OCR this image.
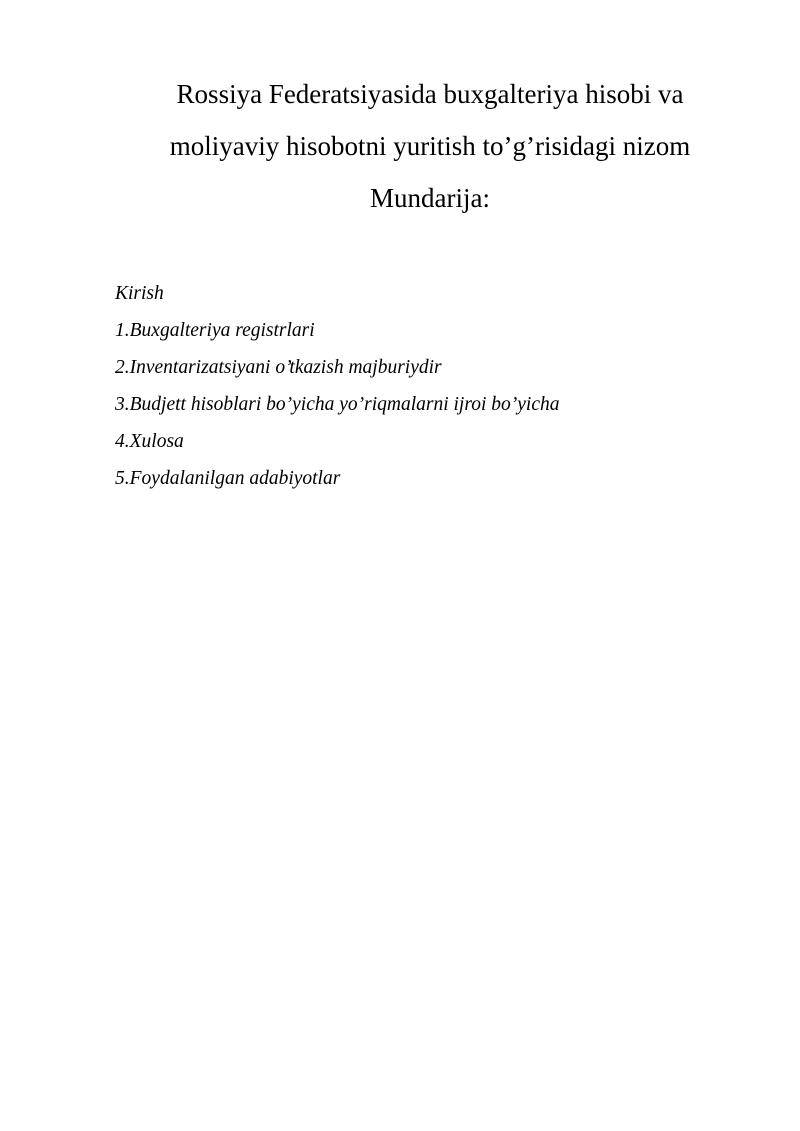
Rossiya Federatsiyasida buxgalteriya hisobi va
moliyaviy hisobotni yuritish to’g’risidagi nizom
Mundarija:
Kirish
1.Buxgalteriya registrlari
2.Inventarizatsiyani o’tkazish majburiydir
3.Budjett hisoblari bo’yicha yo’riqmalarni ijroi bo’yicha
4.Xulosa
5.Foydalanilgan adabiyotlar
